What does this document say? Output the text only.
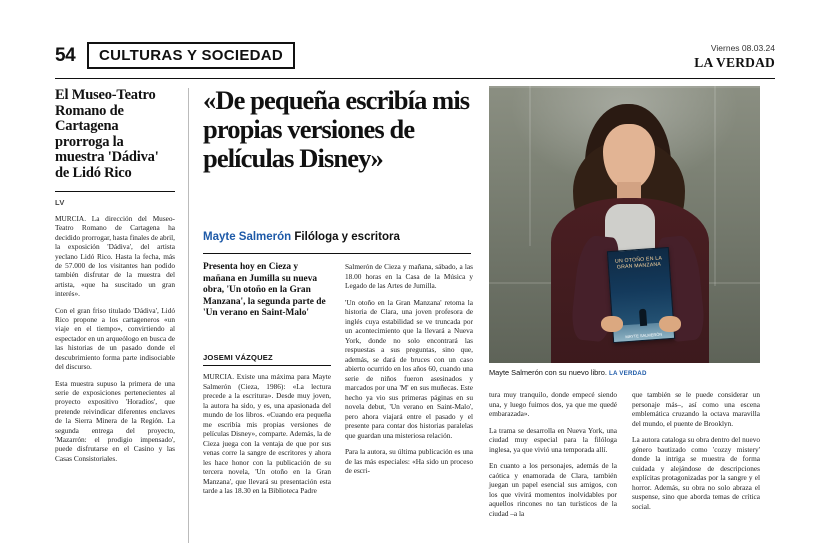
54 CULTURAS Y SOCIEDAD	Viernes 08.03.24
LA VERDAD
El Museo-Teatro Romano de Cartagena prorroga la muestra 'Dádiva' de Lidó Rico
LV

MURCIA. La dirección del Museo-Teatro Romano de Cartagena ha decidido prorrogar, hasta finales de abril, la exposición 'Dádiva', del artista yeclano Lidó Rico. Hasta la fecha, más de 57.000 de los visitantes han podido también disfrutar de la muestra del artista, «que ha suscitado un gran interés».

Con el gran friso titulado 'Dádiva', Lidó Rico propone a los cartageneros «un viaje en el tiempo», convirtiendo al espectador en un arqueólogo en busca de las historias de un pasado donde el descubrimiento forma parte indisociable del discurso.

Esta muestra supuso la primera de una serie de exposiciones pertenecientes al proyecto expositivo 'Horadios', que pretende reivindicar diferentes enclaves de la Sierra Minera de la Región. La segunda entrega del proyecto, 'Mazarrón: el prodigio impensado', puede disfrutarse en el Casino y las Casas Consistoriales.

«De pequeña escribía mis propias versiones de películas Disney»
Mayte Salmerón Filóloga y escritora
Presenta hoy en Cieza y mañana en Jumilla su nueva obra, 'Un otoño en la Gran Manzana', la segunda parte de 'Un verano en Saint-Malo'
JOSEMI VÁZQUEZ

MURCIA. Existe una máxima para Mayte Salmerón (Cieza, 1986): «La lectura precede a la escritura». Desde muy joven, la autora ha sido, y es, una apasionada del mundo de los libros. «Cuando era pequeña me escribía mis propias versiones de películas Disney», comparte. Además, la de Cieza juega con la ventaja de que por sus venas corre la sangre de escritores y ahora les hace honor con la publicación de su tercera novela, 'Un otoño en la Gran Manzana', que llevará su presentación esta tarde a las 18.30 en la Biblioteca Padre

Salmerón de Cieza y mañana, sábado, a las 18.00 horas en la Casa de la Música y Legado de las Artes de Jumilla.

'Un otoño en la Gran Manzana' retoma la historia de Clara, una joven profesora de inglés cuya estabilidad se ve truncada por un acontecimiento que la llevará a Nueva York, donde no solo encontrará las respuestas a sus preguntas, sino que, además, se dará de bruces con un caso abierto ocurrido en los años 60, cuando una serie de niños fueron asesinados y marcados por una 'M' en sus muñecas. Este hecho ya vio sus primeras páginas en su novela debut, 'Un verano en Saint-Malo', pero ahora viajará entre el pasado y el presente para contar dos historias paralelas que guardan una misteriosa relación.

Para la autora, su última publicación es una de las más especiales: «Ha sido un proceso de escri-

tura muy tranquilo, donde empecé siendo una, y luego fuimos dos, ya que me quedé embarazada».

La trama se desarrolla en Nueva York, una ciudad muy especial para la filóloga inglesa, ya que vivió una temporada allí.

En cuanto a los personajes, además de la caótica y enamorada de Clara, también juegan un papel esencial sus amigos, con los que vivirá momentos inolvidables por aquellos rincones no tan turísticos de la ciudad –a la

que también se le puede considerar un personaje más–, así como una escena emblemática cruzando la octava maravilla del mundo, el puente de Brooklyn.

La autora cataloga su obra dentro del nuevo género bautizado como 'cozzy mistery' donde la intriga se muestra de forma cuidada y alejándose de descripciones explícitas protagonizadas por la sangre y el horror. Además, su obra no solo abraza el suspense, sino que aborda temas de crítica social.

UN OTOÑO EN LA GRAN MANZANA
MAYTE SALMERÓN
Mayte Salmerón con su nuevo libro. LA VERDAD
